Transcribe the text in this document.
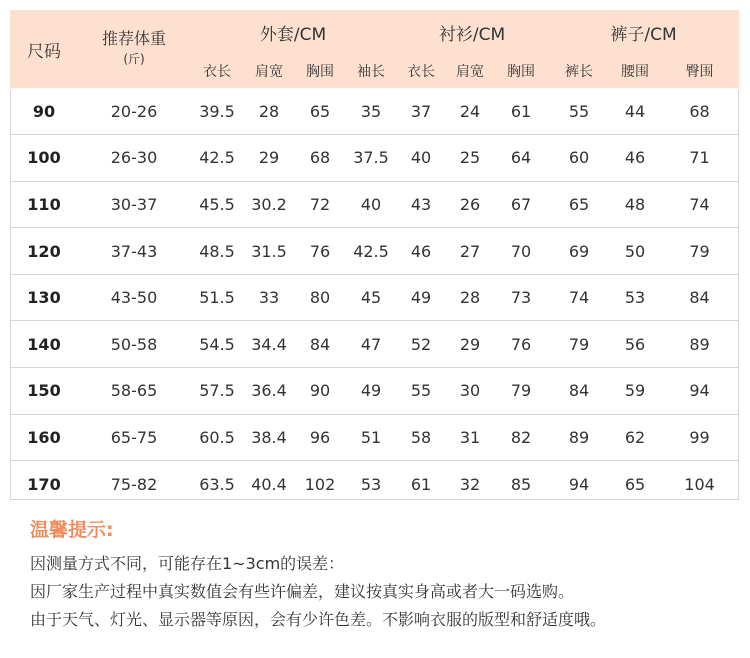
尺码	推荐体重
(斤)	外套/CM				衬衫/CM			裤子/CM		
		衣长	肩宽	胸围	袖长	衣长	肩宽	胸围	裤长	腰围	臀围
90	20-26	39.5	28	65	35	37	24	61	55	44	68
100	26-30	42.5	29	68	37.5	40	25	64	60	46	71
110	30-37	45.5	30.2	72	40	43	26	67	65	48	74
120	37-43	48.5	31.5	76	42.5	46	27	70	69	50	79
130	43-50	51.5	33	80	45	49	28	73	74	53	84
140	50-58	54.5	34.4	84	47	52	29	76	79	56	89
150	58-65	57.5	36.4	90	49	55	30	79	84	59	94
160	65-75	60.5	38.4	96	51	58	31	82	89	62	99
170	75-82	63.5	40.4	102	53	61	32	85	94	65	104

温馨提示:

因测量方式不同，可能存在1~3cm的误差：

因厂家生产过程中真实数值会有些许偏差，建议按真实身高或者大一码选购。

由于天气、灯光、显示器等原因，会有少许色差。不影响衣服的版型和舒适度哦。
